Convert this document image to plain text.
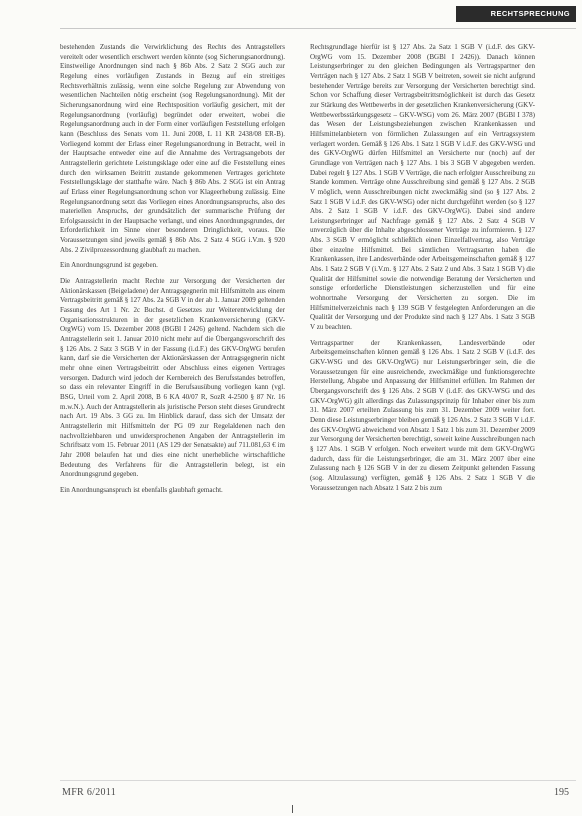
RECHTSPRECHUNG

bestehenden Zustands die Verwirklichung des Rechts des Antragstellers vereitelt oder wesentlich erschwert werden könnte (sog Sicherungsanordnung). Einstweilige Anordnungen sind nach § 86b Abs. 2 Satz 2 SGG auch zur Regelung eines vorläufigen Zustands in Bezug auf ein streitiges Rechtsverhältnis zulässig, wenn eine solche Regelung zur Abwendung von wesentlichen Nachteilen nötig erscheint (sog Regelungsanordnung). Mit der Sicherungsanordnung wird eine Rechtsposition vorläufig gesichert, mit der Regelungsanordnung (vorläufig) begründet oder erweitert, wobei die Regelungsanordnung auch in der Form einer vorläufigen Feststellung erfolgen kann (Beschluss des Senats vom 11. Juni 2008, L 11 KR 2438/08 ER-B). Vorliegend kommt der Erlass einer Regelungsanordnung in Betracht, weil in der Hauptsache entweder eine auf die Annahme des Vertragsangebots der Antragstellerin gerichtete Leistungsklage oder eine auf die Feststellung eines durch den wirksamen Beitritt zustande gekommenen Vertrages gerichtete Feststellungsklage der statthafte wäre. Nach § 86b Abs. 2 SGG ist ein Antrag auf Erlass einer Regelungsanordnung schon vor Klageerhebung zulässig. Eine Regelungsanordnung setzt das Vorliegen eines Anordnungsanspruchs, also des materiellen Anspruchs, der grundsätzlich der summarische Prüfung der Erfolgsaussicht in der Hauptsache verlangt, und eines Anordnungsgrundes, der Erforderlichkeit im Sinne einer besonderen Dringlichkeit, voraus. Die Voraussetzungen sind jeweils gemäß § 86b Abs. 2 Satz 4 SGG i.V.m. § 920 Abs. 2 Zivilprozessordnung glaubhaft zu machen.

Ein Anordnungsgrund ist gegeben.

Die Antragstellerin macht Rechte zur Versorgung der Versicherten der Aktionärskassen (Beigeladene) der Antragsgegnerin mit Hilfsmitteln aus einem Vertragsbeitritt gemäß § 127 Abs. 2a SGB V in der ab 1. Januar 2009 geltenden Fassung des Art 1 Nr. 2c Buchst. d Gesetzes zur Weiterentwicklung der Organisationsstrukturen in der gesetzlichen Krankenversicherung (GKV-OrgWG) vom 15. Dezember 2008 (BGBl I 2426) geltend. Nachdem sich die Antragstellerin seit 1. Januar 2010 nicht mehr auf die Übergangsvorschrift des § 126 Abs. 2 Satz 3 SGB V in der Fassung (i.d.F.) des GKV-OrgWG berufen kann, darf sie die Versicherten der Aktionärskassen der Antragsgegnerin nicht mehr ohne einen Vertragsbeitritt oder Abschluss eines eigenen Vertrages versorgen. Dadurch wird jedoch der Kernbereich des Berufsstandes betroffen, so dass ein relevanter Eingriff in die Berufsausübung vorliegen kann (vgl. BSG, Urteil vom 2. April 2008, B 6 KA 40/07 R, SozR 4-2500 § 87 Nr. 16 m.w.N.). Auch der Antragstellerin als juristische Person steht dieses Grundrecht nach Art. 19 Abs. 3 GG zu. Im Hinblick darauf, dass sich der Umsatz der Antragstellerin mit Hilfsmitteln der PG 09 zur Regelaldenen nach den nachvollziehbaren und unwidersprochenen Angaben der Antragstellerin im Schriftsatz vom 15. Februar 2011 (AS 129 der Senatsakte) auf 711.081,63 € im Jahr 2008 belaufen hat und dies eine nicht unerhebliche wirtschaftliche Bedeutung des Verfahrens für die Antragstellerin belegt, ist ein Anordnungsgrund gegeben.

Ein Anordnungsanspruch ist ebenfalls glaubhaft gemacht.

Rechtsgrundlage hierfür ist § 127 Abs. 2a Satz 1 SGB V (i.d.F. des GKV-OrgWG vom 15. Dezember 2008 (BGBl I 2426)). Danach können Leistungserbringer zu den gleichen Bedingungen als Vertragspartner den Verträgen nach § 127 Abs. 2 Satz 1 SGB V beitreten, soweit sie nicht aufgrund bestehender Verträge bereits zur Versorgung der Versicherten berechtigt sind. Schon vor Schaffung dieser Vertragsbeitrittsmöglichkeit ist durch das Gesetz zur Stärkung des Wettbewerbs in der gesetzlichen Krankenversicherung (GKV-Wettbewerbsstärkungsgesetz – GKV-WSG) vom 26. März 2007 (BGBl I 378) das Wesen der Leistungsbeziehungen zwischen Krankenkassen und Hilfsmittelanbietern von förmlichen Zulassungen auf ein Vertragssystem verlagert worden. Gemäß § 126 Abs. 1 Satz 1 SGB V i.d.F. des GKV-WSG und des GKV-OrgWG dürfen Hilfsmittel an Versicherte nur (noch) auf der Grundlage von Verträgen nach § 127 Abs. 1 bis 3 SGB V abgegeben werden. Dabei regelt § 127 Abs. 1 SGB V Verträge, die nach erfolgter Ausschreibung zu Stande kommen. Verträge ohne Ausschreibung sind gemäß § 127 Abs. 2 SGB V möglich, wenn Ausschreibungen nicht zweckmäßig sind (so § 127 Abs. 2 Satz 1 SGB V i.d.F. des GKV-WSG) oder nicht durchgeführt werden (so § 127 Abs. 2 Satz 1 SGB V i.d.F. des GKV-OrgWG). Dabei sind andere Leistungserbringer auf Nachfrage gemäß § 127 Abs. 2 Satz 4 SGB V unverzüglich über die Inhalte abgeschlossener Verträge zu informieren. § 127 Abs. 3 SGB V ermöglicht schließlich einen Einzelfallvertrag, also Verträge über einzelne Hilfsmittel. Bei sämtlichen Vertragsarten haben die Krankenkassen, ihre Landesverbände oder Arbeitsgemeinschaften gemäß § 127 Abs. 1 Satz 2 SGB V (i.V.m. § 127 Abs. 2 Satz 2 und Abs. 3 Satz 1 SGB V) die Qualität der Hilfsmittel sowie die notwendige Beratung der Versicherten und sonstige erforderliche Dienstleistungen sicherzustellen und für eine wohnortnahe Versorgung der Versicherten zu sorgen. Die im Hilfsmittelverzeichnis nach § 139 SGB V festgelegten Anforderungen an die Qualität der Versorgung und der Produkte sind nach § 127 Abs. 1 Satz 3 SGB V zu beachten.

Vertragspartner der Krankenkassen, Landesverbände oder Arbeitsgemeinschaften können gemäß § 126 Abs. 1 Satz 2 SGB V (i.d.F. des GKV-WSG und des GKV-OrgWG) nur Leistungserbringer sein, die die Voraussetzungen für eine ausreichende, zweckmäßige und funktionsgerechte Herstellung, Abgabe und Anpassung der Hilfsmittel erfüllen. Im Rahmen der Übergangsvorschrift des § 126 Abs. 2 SGB V (i.d.F. des GKV-WSG und des GKV-OrgWG) gilt allerdings das Zulassungsprinzip für Inhaber einer bis zum 31. März 2007 erteilten Zulassung bis zum 31. Dezember 2009 weiter fort. Denn diese Leistungserbringer bleiben gemäß § 126 Abs. 2 Satz 3 SGB V i.d.F. des GKV-OrgWG abweichend von Absatz 1 Satz 1 bis zum 31. Dezember 2009 zur Versorgung der Versicherten berechtigt, soweit keine Ausschreibungen nach § 127 Abs. 1 SGB V erfolgen. Noch erweitert wurde mit dem GKV-OrgWG dadurch, dass für die Leistungserbringer, die am 31. März 2007 über eine Zulassung nach § 126 SGB V in der zu diesem Zeitpunkt geltenden Fassung (sog. Altzulassung) verfügten, gemäß § 126 Abs. 2 Satz 1 SGB V die Voraussetzungen nach Absatz 1 Satz 2 bis zum

MFR 6/2011	195
